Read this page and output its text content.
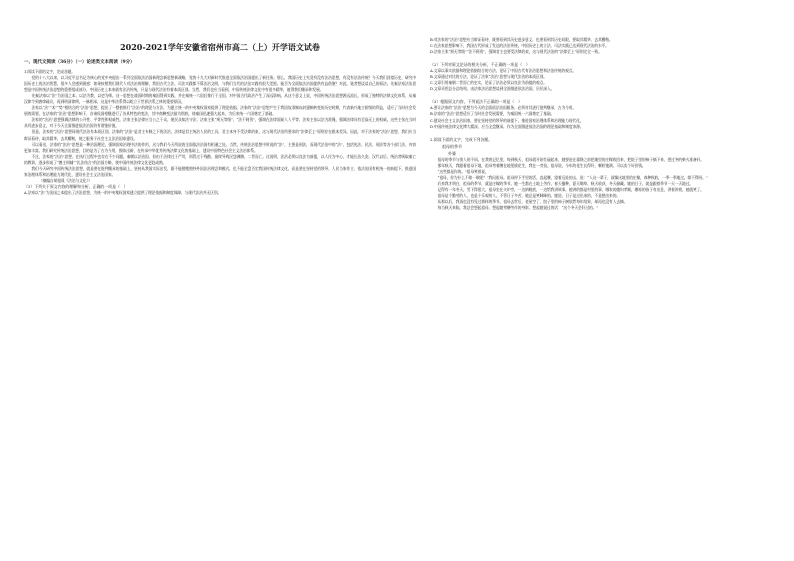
2020-2021学年安徽省宿州市高二（上）开学语文试卷
一、现代文阅读（36分）（一）论述类文本阅读（9分）

1.阅读下面的文字，完成各题。

党的十八大以来，以习近平总书记为核心的党中央提出一系列全面依法治国新理念新思想新战略，党的十九大对新时代推进全面依法治国提出了新任务。那么，我国历史上究竟有没有法治思想，有没有法治传统？今天我们回望历史，研究中国历史上的法治智慧，很多人会感到困惑：如果按照我们现代人对法治的理解，我国古代立法、司法实践都不算法治文明，与我们当代的法治实践有很大差距。能否为全面依法治国提供有益借鉴？对此，笔者想谈谈自己的看法。先秦法家法治思想是中国传统法治思想的重要组成部分，中国历史上本来就有法治传统，只是与现代法治有着本质区别。当然，我们也应当看到，中国传统法律文化中有很多精华，值得我们继承和发展。

先秦法家以“法”为治国之本，以法为教，以吏为师。这一思想在战国时期的秦国得到实践，并在秦统一六国后推行于全国，对中国古代政治产生了深远影响。从这个意义上说，中国传统法治思想源远流长，形成了独特的法律文化体系，从秦汉律令到唐律疏议，再到明清律例，一脉相承，这是中华法系得以屹立于世界法系之林的重要原因。

法家以“法”“术”“势”相结合的“法治”思想，提出了一整套推行“法治”的理论与方法，为建立统一的中央集权国家提供了理论依据。法家的“法治”思想产生于我国奴隶制向封建制转变的历史时期，代表新兴地主阶级的利益，适应了当时社会发展的需要。在法家的“法治”思想影响下，各诸侯国相继进行了各具特色的变法，其中商鞅变法最为彻底，使秦国迅速强大起来，为后来统一六国奠定了基础。

法家的“法治”思想强调法律的公开性、平等性和权威性。法家主张法律应当公之于众，使民众知法守法；法家主张“刑无等级”，“法不阿贵”，强调在法律面前人人平等；法家主张以法为准绳，强调法律具有至高无上的权威。这些主张在当时具有进步意义，对于今天全面推进依法治国仍有借鉴价值。

但是，法家的“法治”思想同现代法治有本质区别。法家的“法治”是君主专制之下的法治，法律是君主统治人民的工具，君主本身不受法律约束，这与现代法治所要求的“法律至上”原则存在根本差异。因此，对于法家的“法治”思想，我们应当辩证看待，取其精华，去其糟粕，使之服务于社会主义法治国家建设。

可以看出，法家的“法治”思想是一种治国理论，强调国家治理中法的作用，这与我们今天所说的全面依法治国有相通之处。当然，传统法治思想中所说的“法”，主要是刑法，而现代法治中的“法”，包括宪法、民法、刑法等各个部门法，内容更加丰富。我们研究传统法治思想，目的是为了古为今用，推陈出新，在传承中华优秀传统法律文化的基础上，建设中国特色社会主义法治体系。

不过，法家的“法治”思想，在执行过程中也存在不少问题。秦朝以法治国，但由于法律过于严苛，刑罚过于残酷，最终导致民怨沸腾，二世而亡。这说明，法治必须以良法为前提，以人民为中心，才能长治久安。汉代以后，统治者吸取秦亡的教训，逐步形成了“德主刑辅”“礼法结合”的治国方略，使中国传统法律文化更趋成熟。

我们今天研究中国传统法治思想，就是要在批判继承的基础上，坚持从我国实际出发，既不能照搬照抄外国法治理念和模式，也不能全盘否定我国传统法律文化，而是要在坚持党的领导、人民当家作主、依法治国有机统一的前提下，推进国家治理体系和治理能力现代化，建设社会主义法治国家。

（摘编自胡旭晟《法治与文化》）

（1）下列关于原文内容的理解和分析，正确的一项是（　）

A.法家以“法”为治国之本提出了法治思想，为统一的中央集权国家建立提供了理论依据和制度保障，与现代法治并无区别。

B.对法家的“法治”思想应当辩证看待，既要看到其历史进步意义，也要看到其历史局限，要取其精华、去其糟粕。

C.在法家思想影响下，我国古代形成了发达的法治传统，中国历史上的立法、司法实践已达到现代法治的水平。

D.法家主张“刑无等级”“法不阿贵”，强调君主也要受法律约束，这与现代法治的“法律至上”原则完全一致。

（2）下列对原文论证的相关分析，不正确的一项是（　）

A.文章以事实依据和理论依据结合的方法，论证了中国古代有法治思想和法治传统的观点。

B.文章通过对比的方法，论证了法家“法治”思想与现代法治的本质区别。

C.文章引用秦朝二世而亡的史实，论证了法治必须以良法为前提的观点。

D.文章采用总分总结构，由法家法治思想谈到全面推进依法治国，层层深入。

（3）根据原文内容，下列说法不正确的一项是（　）

A.要让法家的“法治”思想为今天的全面依法治国服务，必须对其进行批判继承，古为今用。

B.法家的“法治”思想适应了当时社会发展需要，为秦国统一六国奠定了基础。

C.建设社会主义法治国家，要在坚持党的领导的前提下，推进国家治理体系和治理能力现代化。

D.中国传统法律文化博大精深，应当全盘继承，作为全面推进依法治国的理论基础和制度来源。

2.阅读下面的文字，完成下列各题。

祖母的季节

外婆

祖母的季节与别人的不同。在我的记忆里，每到秋天，祖母就开始忙碌起来，她要赶在霜降之前把地里的庄稼收回来，把院子里的柿子摘下来，把过冬的柴火准备好。

那年秋天，我跟着祖母下地，祖母弯着腰在地里拔花生，我在一旁捡。祖母说，今年的花生长得好，颗粒饱满，可以卖个好价钱。

“这些都是你的。”祖母笑着说。

“祖母，你为什么不歇一歇呢？”我问祖母。祖母停下手里的活，直起腰，望着远处的山，说：“人这一辈子，就像这地里的庄稼，春种秋收，一季一季地过。歇不得呀。”

后来我才明白，祖母的季节，就是庄稼的季节。她一生都在土地上劳作，春天播种，夏天锄草，秋天收获，冬天储藏。她的日子，就是跟着季节一天一天地过。

记得有一年冬天，雪下得很大，祖母坐在火炉旁，一边纳鞋底，一边给我讲故事。她讲的都是村里的事，哪家的媳妇孝顺，哪家的孩子有出息，讲着讲着，她就笑了。

祖母是个勤劳的人，也是个乐观的人。不管日子多苦，她总是笑眯眯的。她说，日子是过出来的，不是愁出来的。

从那以后，我再也没有见过那样的季节。祖母去世后，老屋空了，院子里的柿子树依然每年结果，却再也没有人去摘。

每当秋天来临，我总会想起祖母，想起她弯腰劳作的身影，想起她说过的话：“这个冬天会好过的。”
